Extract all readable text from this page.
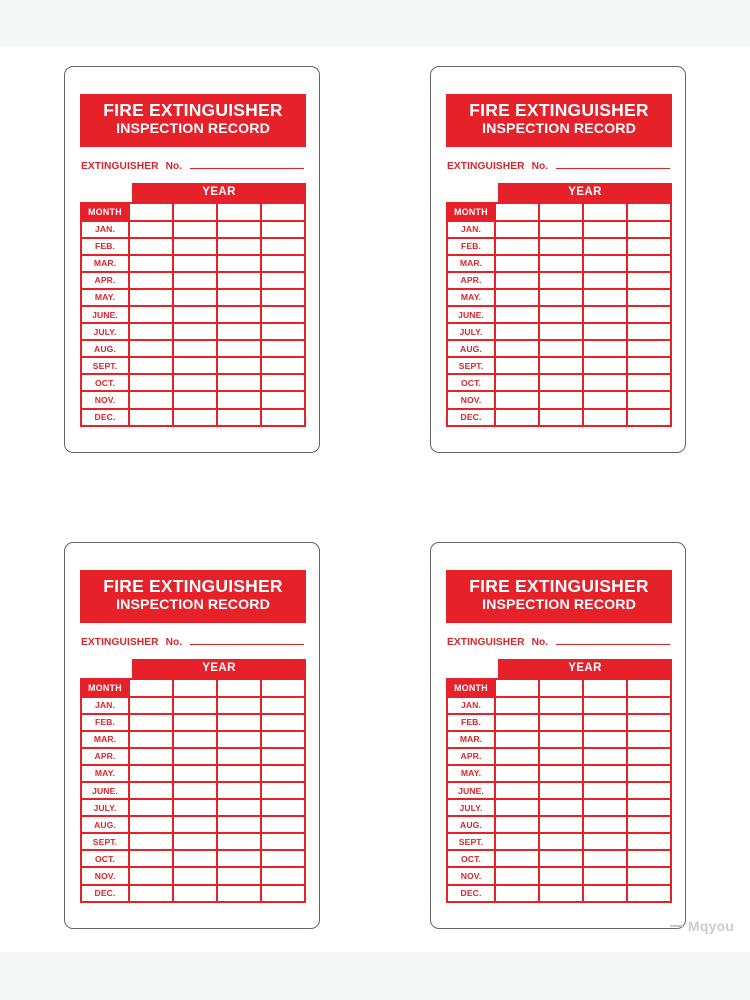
FIRE EXTINGUISHER
INSPECTION RECORD
EXTINGUISHER No.
YEAR
MONTH
JAN.
FEB.
MAR.
APR.
MAY.
JUNE.
JULY.
AUG.
SEPT.
OCT.
NOV.
DEC.
FIRE EXTINGUISHER
INSPECTION RECORD
EXTINGUISHER No.
YEAR
MONTH
JAN.
FEB.
MAR.
APR.
MAY.
JUNE.
JULY.
AUG.
SEPT.
OCT.
NOV.
DEC.
FIRE EXTINGUISHER
INSPECTION RECORD
EXTINGUISHER No.
YEAR
MONTH
JAN.
FEB.
MAR.
APR.
MAY.
JUNE.
JULY.
AUG.
SEPT.
OCT.
NOV.
DEC.
FIRE EXTINGUISHER
INSPECTION RECORD
EXTINGUISHER No.
YEAR
MONTH
JAN.
FEB.
MAR.
APR.
MAY.
JUNE.
JULY.
AUG.
SEPT.
OCT.
NOV.
DEC.
Mqyou
